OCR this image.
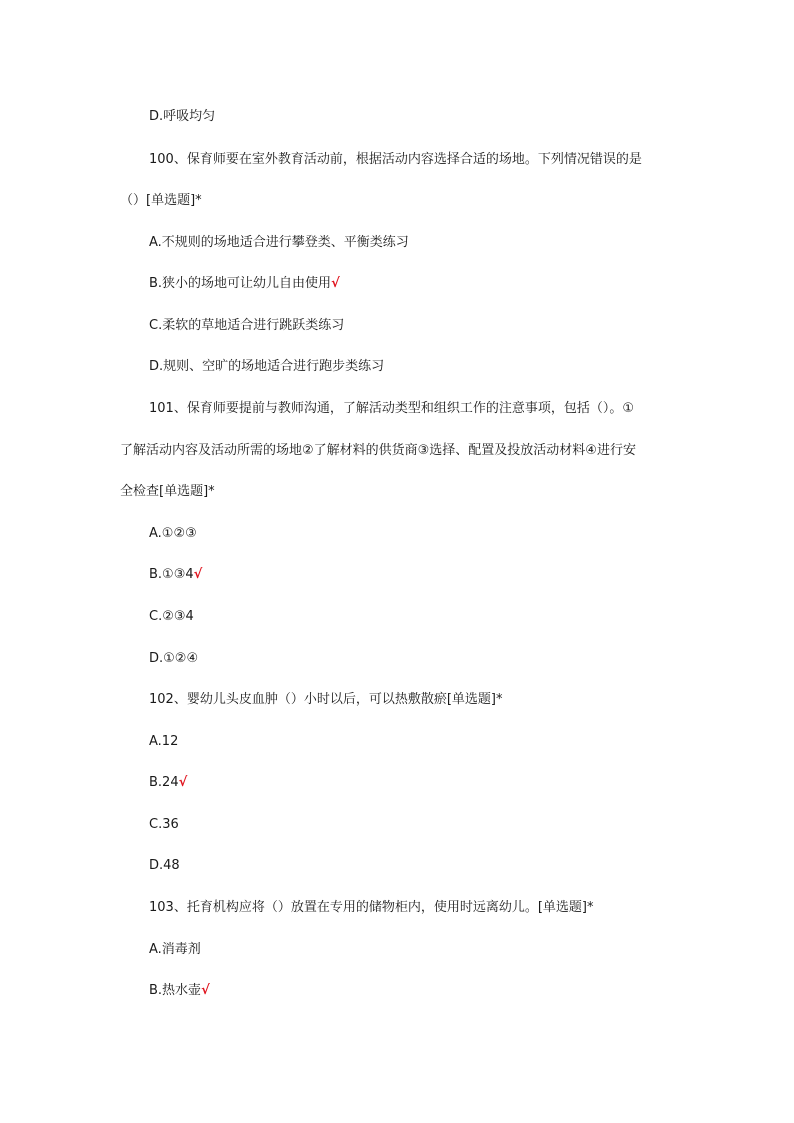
D.呼吸均匀
100、保育师要在室外教育活动前，根据活动内容选择合适的场地。下列情况错误的是
（）[单选题]*
A.不规则的场地适合进行攀登类、平衡类练习
B.狭小的场地可让幼儿自由使用√
C.柔软的草地适合进行跳跃类练习
D.规则、空旷的场地适合进行跑步类练习
101、保育师要提前与教师沟通，了解活动类型和组织工作的注意事项，包括（）。①
了解活动内容及活动所需的场地②了解材料的供货商③选择、配置及投放活动材料④进行安
全检查[单选题]*
A.①②③
B.①③4√
C.②③4
D.①②④
102、婴幼儿头皮血肿（）小时以后，可以热敷散瘀[单选题]*
A.12
B.24√
C.36
D.48
103、托育机构应将（）放置在专用的储物柜内，使用时远离幼儿。[单选题]*
A.消毒剂
B.热水壶√
